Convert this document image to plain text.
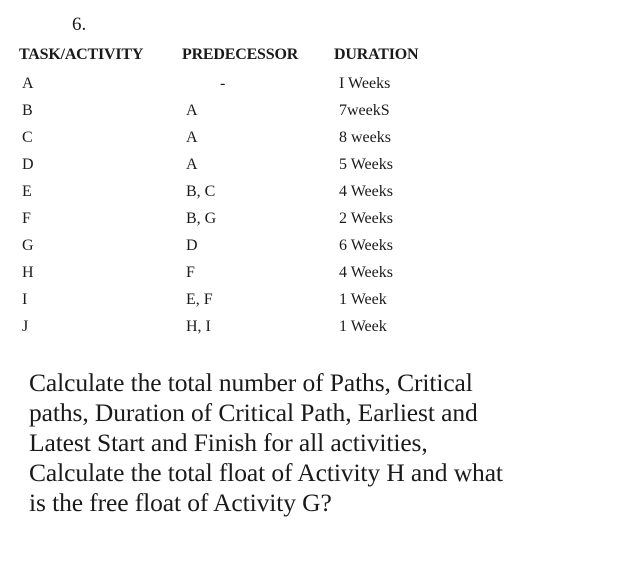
6.
TASK/ACTIVITY PREDECESSOR DURATION
A	-	I Weeks
B	A	7weekS
C	A	8 weeks
D	A	5 Weeks
E	B, C	4 Weeks
F	B, G	2 Weeks
G	D	6 Weeks
H	F	4 Weeks
I	E, F	1 Week
J	H, I	1 Week
Calculate the total number of Paths, Critical
paths, Duration of Critical Path, Earliest and
Latest Start and Finish for all activities,
Calculate the total float of Activity H and what
is the free float of Activity G?
